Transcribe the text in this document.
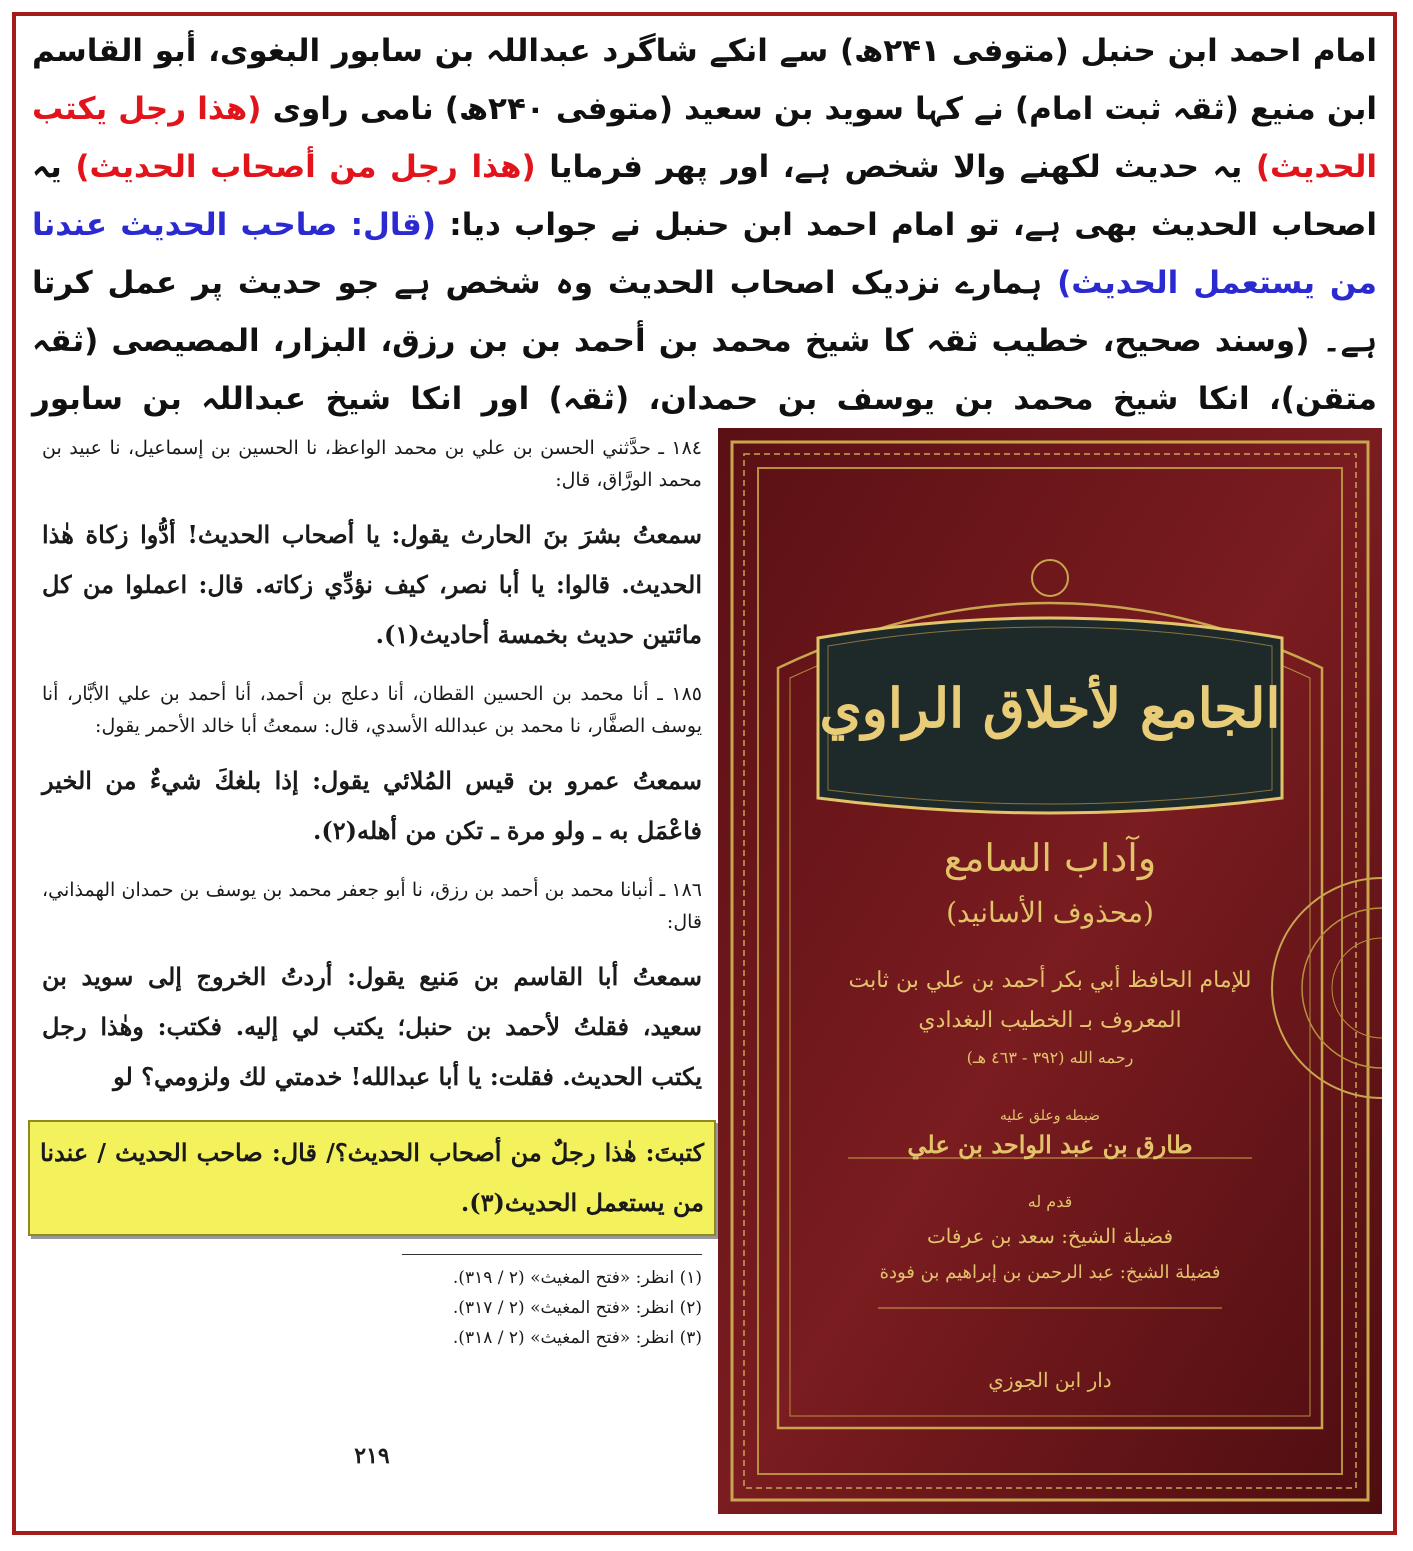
امام احمد ابن حنبل (متوفی ۲۴۱ھ) سے انکے شاگرد عبداللہ بن سابور البغوی، أبو القاسم ابن منیع (ثقہ ثبت امام) نے کہا سوید بن سعید (متوفی ۲۴۰ھ) نامی راوی (هذا رجل يكتب الحديث) یہ حدیث لکھنے والا شخص ہے، اور پھر فرمایا (هذا رجل من أصحاب الحديث) یہ اصحاب الحدیث بھی ہے، تو امام احمد ابن حنبل نے جواب دیا: (قال: صاحب الحديث عندنا من يستعمل الحديث) ہمارے نزدیک اصحاب الحدیث وہ شخص ہے جو حدیث پر عمل کرتا ہے۔ (وسند صحیح، خطیب ثقہ کا شیخ محمد بن أحمد بن بن رزق، البزار، المصیصی (ثقہ متقن)، انکا شیخ محمد بن یوسف بن حمدان، (ثقہ) اور انکا شیخ عبداللہ بن سابور

١٨٤ ـ حدَّثني الحسن بن علي بن محمد الواعظ، نا الحسين بن إسماعيل، نا عبيد بن محمد الورَّاق، قال:

سمعتُ بشرَ بنَ الحارث يقول: يا أصحاب الحديث! أدُّوا زكاة هٰذا الحديث. قالوا: يا أبا نصر، كيف نؤدِّي زكاته. قال: اعملوا من كل مائتين حديث بخمسة أحاديث(١).

١٨٥ ـ أنا محمد بن الحسين القطان، أنا دعلج بن أحمد، أنا أحمد بن علي الأبَّار، أنا يوسف الصفَّار، نا محمد بن عبدالله الأسدي، قال: سمعتُ أبا خالد الأحمر يقول:

سمعتُ عمرو بن قيس المُلائي يقول: إذا بلغكَ شيءٌ من الخير فاعْمَل به ـ ولو مرة ـ تكن من أهله(٢).

١٨٦ ـ أنبانا محمد بن أحمد بن رزق، نا أبو جعفر محمد بن يوسف بن حمدان الهمذاني، قال:

سمعتُ أبا القاسم بن مَنيع يقول: أردتُ الخروج إلى سويد بن سعيد، فقلتُ لأحمد بن حنبل؛ يكتب لي إليه. فكتب: وهٰذا رجل يكتب الحديث. فقلت: يا أبا عبدالله! خدمتي لك ولزومي؟ لو

كتبتَ: هٰذا رجلٌ من أصحاب الحديث؟/ قال: صاحب الحديث / عندنا من يستعمل الحديث(٣).

(١) انظر: «فتح المغيث» (٢ / ٣١٩).

(٢) انظر: «فتح المغيث» (٢ / ٣١٧).

(٣) انظر: «فتح المغيث» (٢ / ٣١٨).

٢١٩
الجامع لأخلاق الراوي
وآداب السامع
(محذوف الأسانيد)
للإمام الحافظ أبي بكر أحمد بن علي بن ثابت
المعروف بـ الخطيب البغدادي
رحمه الله (٣٩٢ - ٤٦٣ هـ)
ضبطه وعلق عليه
طارق بن عبد الواحد بن علي
قدم له
فضيلة الشيخ: سعد بن عرفات
فضيلة الشيخ: عبد الرحمن بن إبراهيم بن فودة
دار ابن الجوزي
